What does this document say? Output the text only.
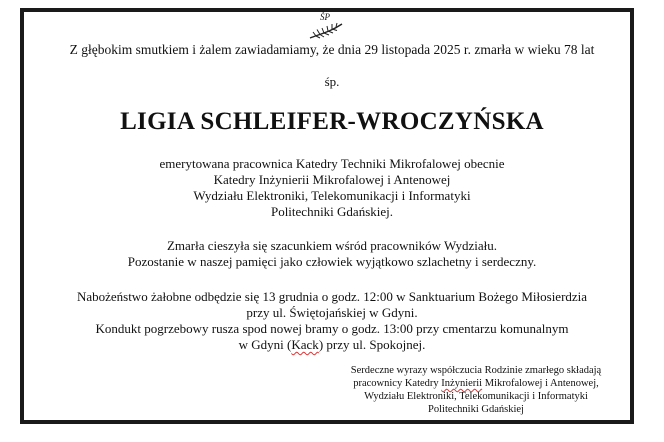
ŚP
Z głębokim smutkiem i żalem zawiadamiamy, że dnia 29 listopada 2025 r. zmarła w wieku 78 lat
śp.
LIGIA SCHLEIFER-WROCZYŃSKA
emerytowana pracownica Katedry Techniki Mikrofalowej obecnie
Katedry Inżynierii Mikrofalowej i Antenowej
Wydziału Elektroniki, Telekomunikacji i Informatyki
Politechniki Gdańskiej.
Zmarła cieszyła się szacunkiem wśród pracowników Wydziału.
Pozostanie w naszej pamięci jako człowiek wyjątkowo szlachetny i serdeczny.
Nabożeństwo żałobne odbędzie się 13 grudnia o godz. 12:00 w Sanktuarium Bożego Miłosierdzia
przy ul. Świętojańskiej w Gdyni.
Kondukt pogrzebowy rusza spod nowej bramy o godz. 13:00 przy cmentarzu komunalnym
w Gdyni (Kack) przy ul. Spokojnej.
Serdeczne wyrazy współczucia Rodzinie zmarłego składają
pracownicy Katedry Inżynierii Mikrofalowej i Antenowej,
Wydziału Elektroniki, Telekomunikacji i Informatyki
Politechniki Gdańskiej
